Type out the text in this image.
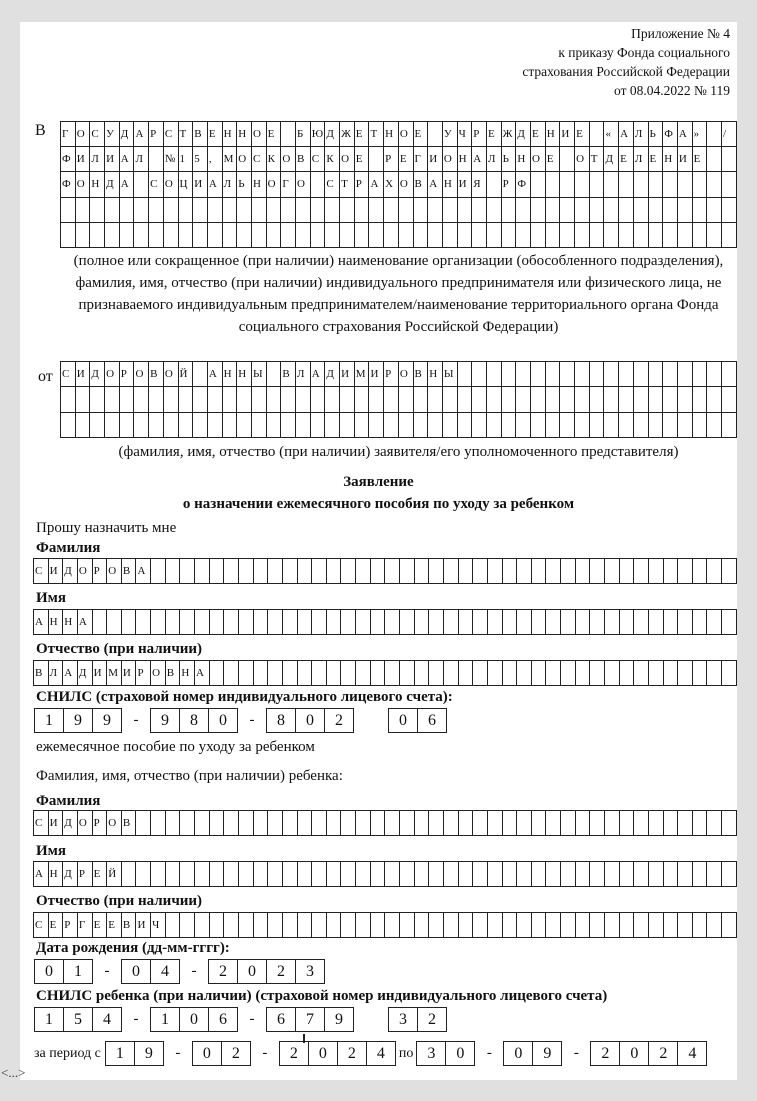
Приложение № 4
к приказу Фонда социального
страхования Российской Федерации
от 08.04.2022 № 119
В Г О С У Д А Р С Т В Е Н Н О Е	Б Ю Д Ж Е Т Н О Е	У Ч Р Е Ж Д Е Н И Е	« А Л Ь Ф А »	/
Ф И Л И А Л	№ 1 5 ,	М О С К О В С К О Е	Р Е Г И О Н А Л Ь Н О Е	О Т Д Е Л Е Н И Е
Ф О Н Д А	С О Ц И А Л Ь Н О Г О	С Т Р А Х О В А Н И Я	Р Ф
(полное или сокращенное (при наличии) наименование организации (обособленного подразделения), фамилия, имя, отчество (при наличии) индивидуального предпринимателя или физического лица, не признаваемого индивидуальным предпринимателем/наименование территориального органа Фонда социального страхования Российской Федерации)
от С И Д О Р О В О Й	А Н Н Ы	В Л А Д И М И Р О В Н Ы
(фамилия, имя, отчество (при наличии) заявителя/его уполномоченного представителя)
Заявление
о назначении ежемесячного пособия по уходу за ребенком
Прошу назначить мне
Фамилия
С И Д О Р О В А
Имя
А Н Н А
Отчество (при наличии)
В Л А Д И М И Р О В Н А
СНИЛС (страховой номер индивидуального лицевого счета):
1	9	9	-	9	8	0	-	8	0	2	0	6
ежемесячное пособие по уходу за ребенком
Фамилия, имя, отчество (при наличии) ребенка:
Фамилия
С И Д О Р О В
Имя
А Н Д Р Е Й
Отчество (при наличии)
С Е Р Г Е Е В И Ч
Дата рождения (дд-мм-гггг):
0	1	-	0	4	-	2	0	2	3
СНИЛС ребенка (при наличии) (страховой номер индивидуального лицевого счета)
1	5	4	-	1	0	6	-	6	7	9	3	2
за период с 1	9	-	0	2	-	2	0	2	4	по 3	0	-	0	9	-	2	0	2	4
<...>
